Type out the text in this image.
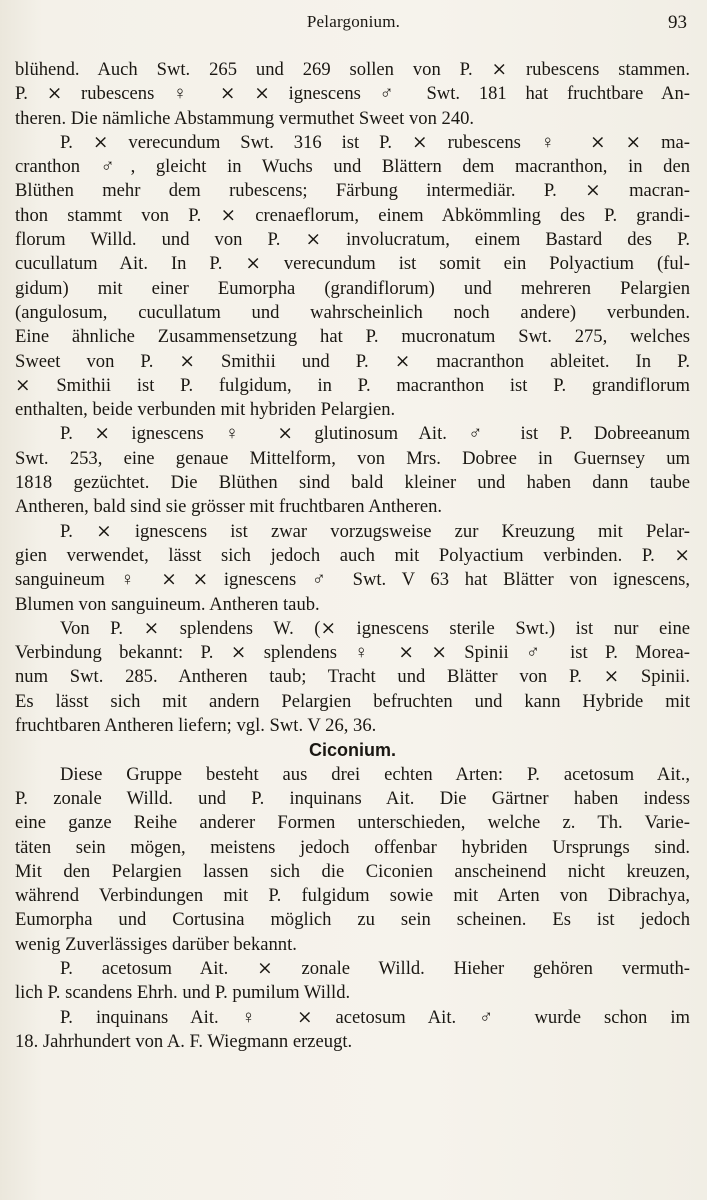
Pelargonium.	93

blühend. Auch Swt. 265 und 269 sollen von P. ⨯ rubescens stammen.
P. ⨯ rubescens ♀ ⨯ ⨯ ignescens ♂ Swt. 181 hat fruchtbare An-
theren. Die nämliche Abstammung vermuthet Sweet von 240.

P. ⨯ verecundum Swt. 316 ist P. ⨯ rubescens ♀ ⨯ ⨯ ma-
cranthon ♂, gleicht in Wuchs und Blättern dem macranthon, in den
Blüthen mehr dem rubescens; Färbung intermediär. P. ⨯ macran-
thon stammt von P. ⨯ crenaeflorum, einem Abkömmling des P. grandi-
florum Willd. und von P. ⨯ involucratum, einem Bastard des P.
cucullatum Ait. In P. ⨯ verecundum ist somit ein Polyactium (ful-
gidum) mit einer Eumorpha (grandiflorum) und mehreren Pelargien
(angulosum, cucullatum und wahrscheinlich noch andere) verbunden.
Eine ähnliche Zusammensetzung hat P. mucronatum Swt. 275, welches
Sweet von P. ⨯ Smithii und P. ⨯ macranthon ableitet. In P.
⨯ Smithii ist P. fulgidum, in P. macranthon ist P. grandiflorum
enthalten, beide verbunden mit hybriden Pelargien.

P. ⨯ ignescens ♀ ⨯ glutinosum Ait. ♂ ist P. Dobreeanum
Swt. 253, eine genaue Mittelform, von Mrs. Dobree in Guernsey um
1818 gezüchtet. Die Blüthen sind bald kleiner und haben dann taube
Antheren, bald sind sie grösser mit fruchtbaren Antheren.

P. ⨯ ignescens ist zwar vorzugsweise zur Kreuzung mit Pelar-
gien verwendet, lässt sich jedoch auch mit Polyactium verbinden. P. ⨯
sanguineum ♀ ⨯ ⨯ ignescens ♂ Swt. V 63 hat Blätter von ignescens,
Blumen von sanguineum. Antheren taub.

Von P. ⨯ splendens W. (⨯ ignescens sterile Swt.) ist nur eine
Verbindung bekannt: P. ⨯ splendens ♀ ⨯ ⨯ Spinii ♂ ist P. Morea-
num Swt. 285. Antheren taub; Tracht und Blätter von P. ⨯ Spinii.
Es lässt sich mit andern Pelargien befruchten und kann Hybride mit
fruchtbaren Antheren liefern; vgl. Swt. V 26, 36.

Ciconium.

Diese Gruppe besteht aus drei echten Arten: P. acetosum Ait.,
P. zonale Willd. und P. inquinans Ait. Die Gärtner haben indess
eine ganze Reihe anderer Formen unterschieden, welche z. Th. Varie-
täten sein mögen, meistens jedoch offenbar hybriden Ursprungs sind.
Mit den Pelargien lassen sich die Ciconien anscheinend nicht kreuzen,
während Verbindungen mit P. fulgidum sowie mit Arten von Dibrachya,
Eumorpha und Cortusina möglich zu sein scheinen. Es ist jedoch
wenig Zuverlässiges darüber bekannt.

P. acetosum Ait. ⨯ zonale Willd. Hieher gehören vermuth-
lich P. scandens Ehrh. und P. pumilum Willd.

P. inquinans Ait. ♀ ⨯ acetosum Ait. ♂ wurde schon im
18. Jahrhundert von A. F. Wiegmann erzeugt.
